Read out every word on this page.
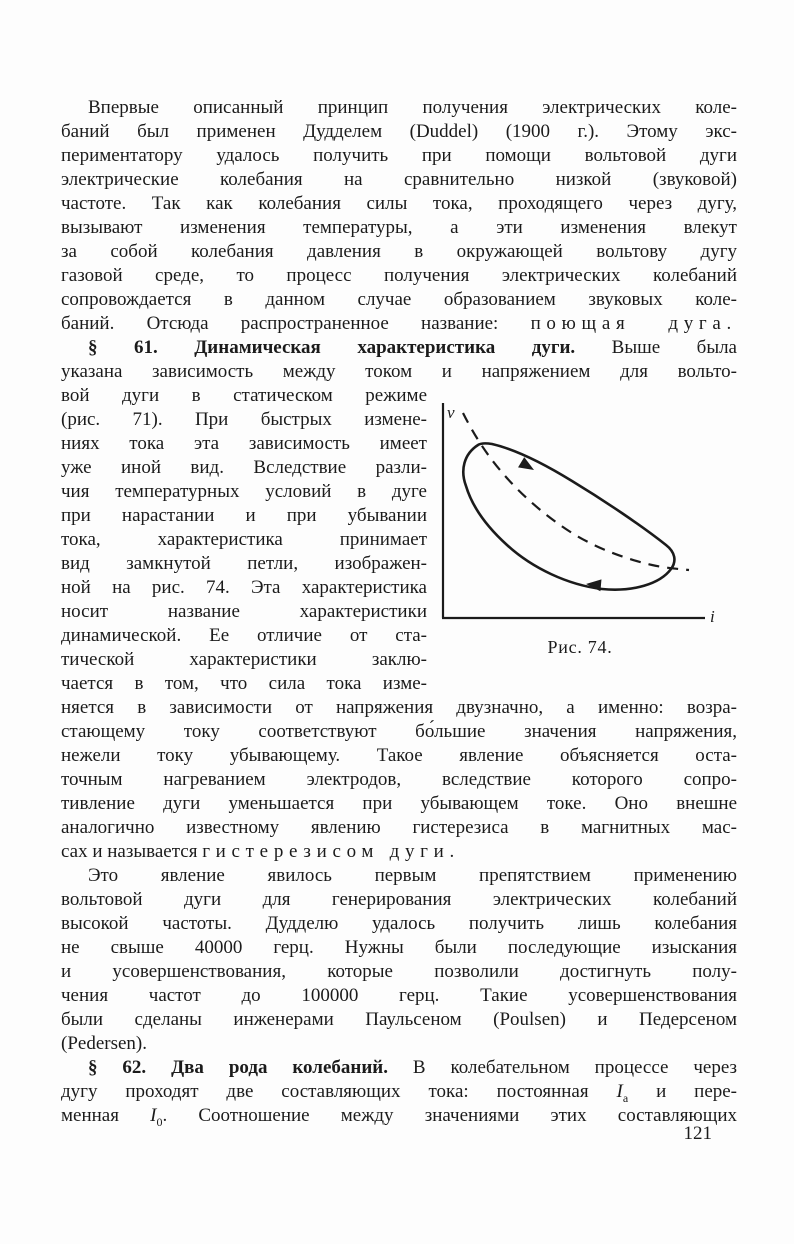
Впервые описанный принцип получения электрических коле-
баний был применен Дудделем (Duddel) (1900 г.). Этому экс-
периментатору удалось получить при помощи вольтовой дуги
электрические колебания на сравнительно низкой (звуковой)
частоте. Так как колебания силы тока, проходящего через дугу,
вызывают изменения температуры, а эти изменения влекут
за собой колебания давления в окружающей вольтову дугу
газовой среде, то процесс получения электрических колебаний
сопровождается в данном случае образованием звуковых коле-
баний. Отсюда распространенное название: поющая дуга.
§ 61. Динамическая характеристика дуги. Выше была
указана зависимость между током и напряжением для вольто-
вой дуги в статическом режиме
(рис. 71). При быстрых измене-
ниях тока эта зависимость имеет
уже иной вид. Вследствие разли-
чия температурных условий в дуге
при нарастании и при убывании
тока, характеристика принимает
вид замкнутой петли, изображен-
ной на рис. 74. Эта характеристика
носит название характеристики
динамической. Ее отличие от ста-
тической характеристики заклю-
чается в том, что сила тока изме-
v
i
Рис. 74.
няется в зависимости от напряжения двузначно, а именно: возра-
стающему току соответствуют бо́льшие значения напряжения,
нежели току убывающему. Такое явление объясняется оста-
точным нагреванием электродов, вследствие которого сопро-
тивление дуги уменьшается при убывающем токе. Оно внешне
аналогично известному явлению гистерезиса в магнитных мас-
сах и называется гистерезисом дуги.
Это явление явилось первым препятствием применению
вольтовой дуги для генерирования электрических колебаний
высокой частоты. Дудделю удалось получить лишь колебания
не свыше 40000 герц. Нужны были последующие изыскания
и усовершенствования, которые позволили достигнуть полу-
чения частот до 100000 герц. Такие усовершенствования
были сделаны инженерами Паульсеном (Poulsen) и Педерсеном
(Pedersen).
§ 62. Два рода колебаний. В колебательном процессе через
дугу проходят две составляющих тока: постоянная $I_a$ и пере-
менная $I_0$. Соотношение между значениями этих составляющих
121
